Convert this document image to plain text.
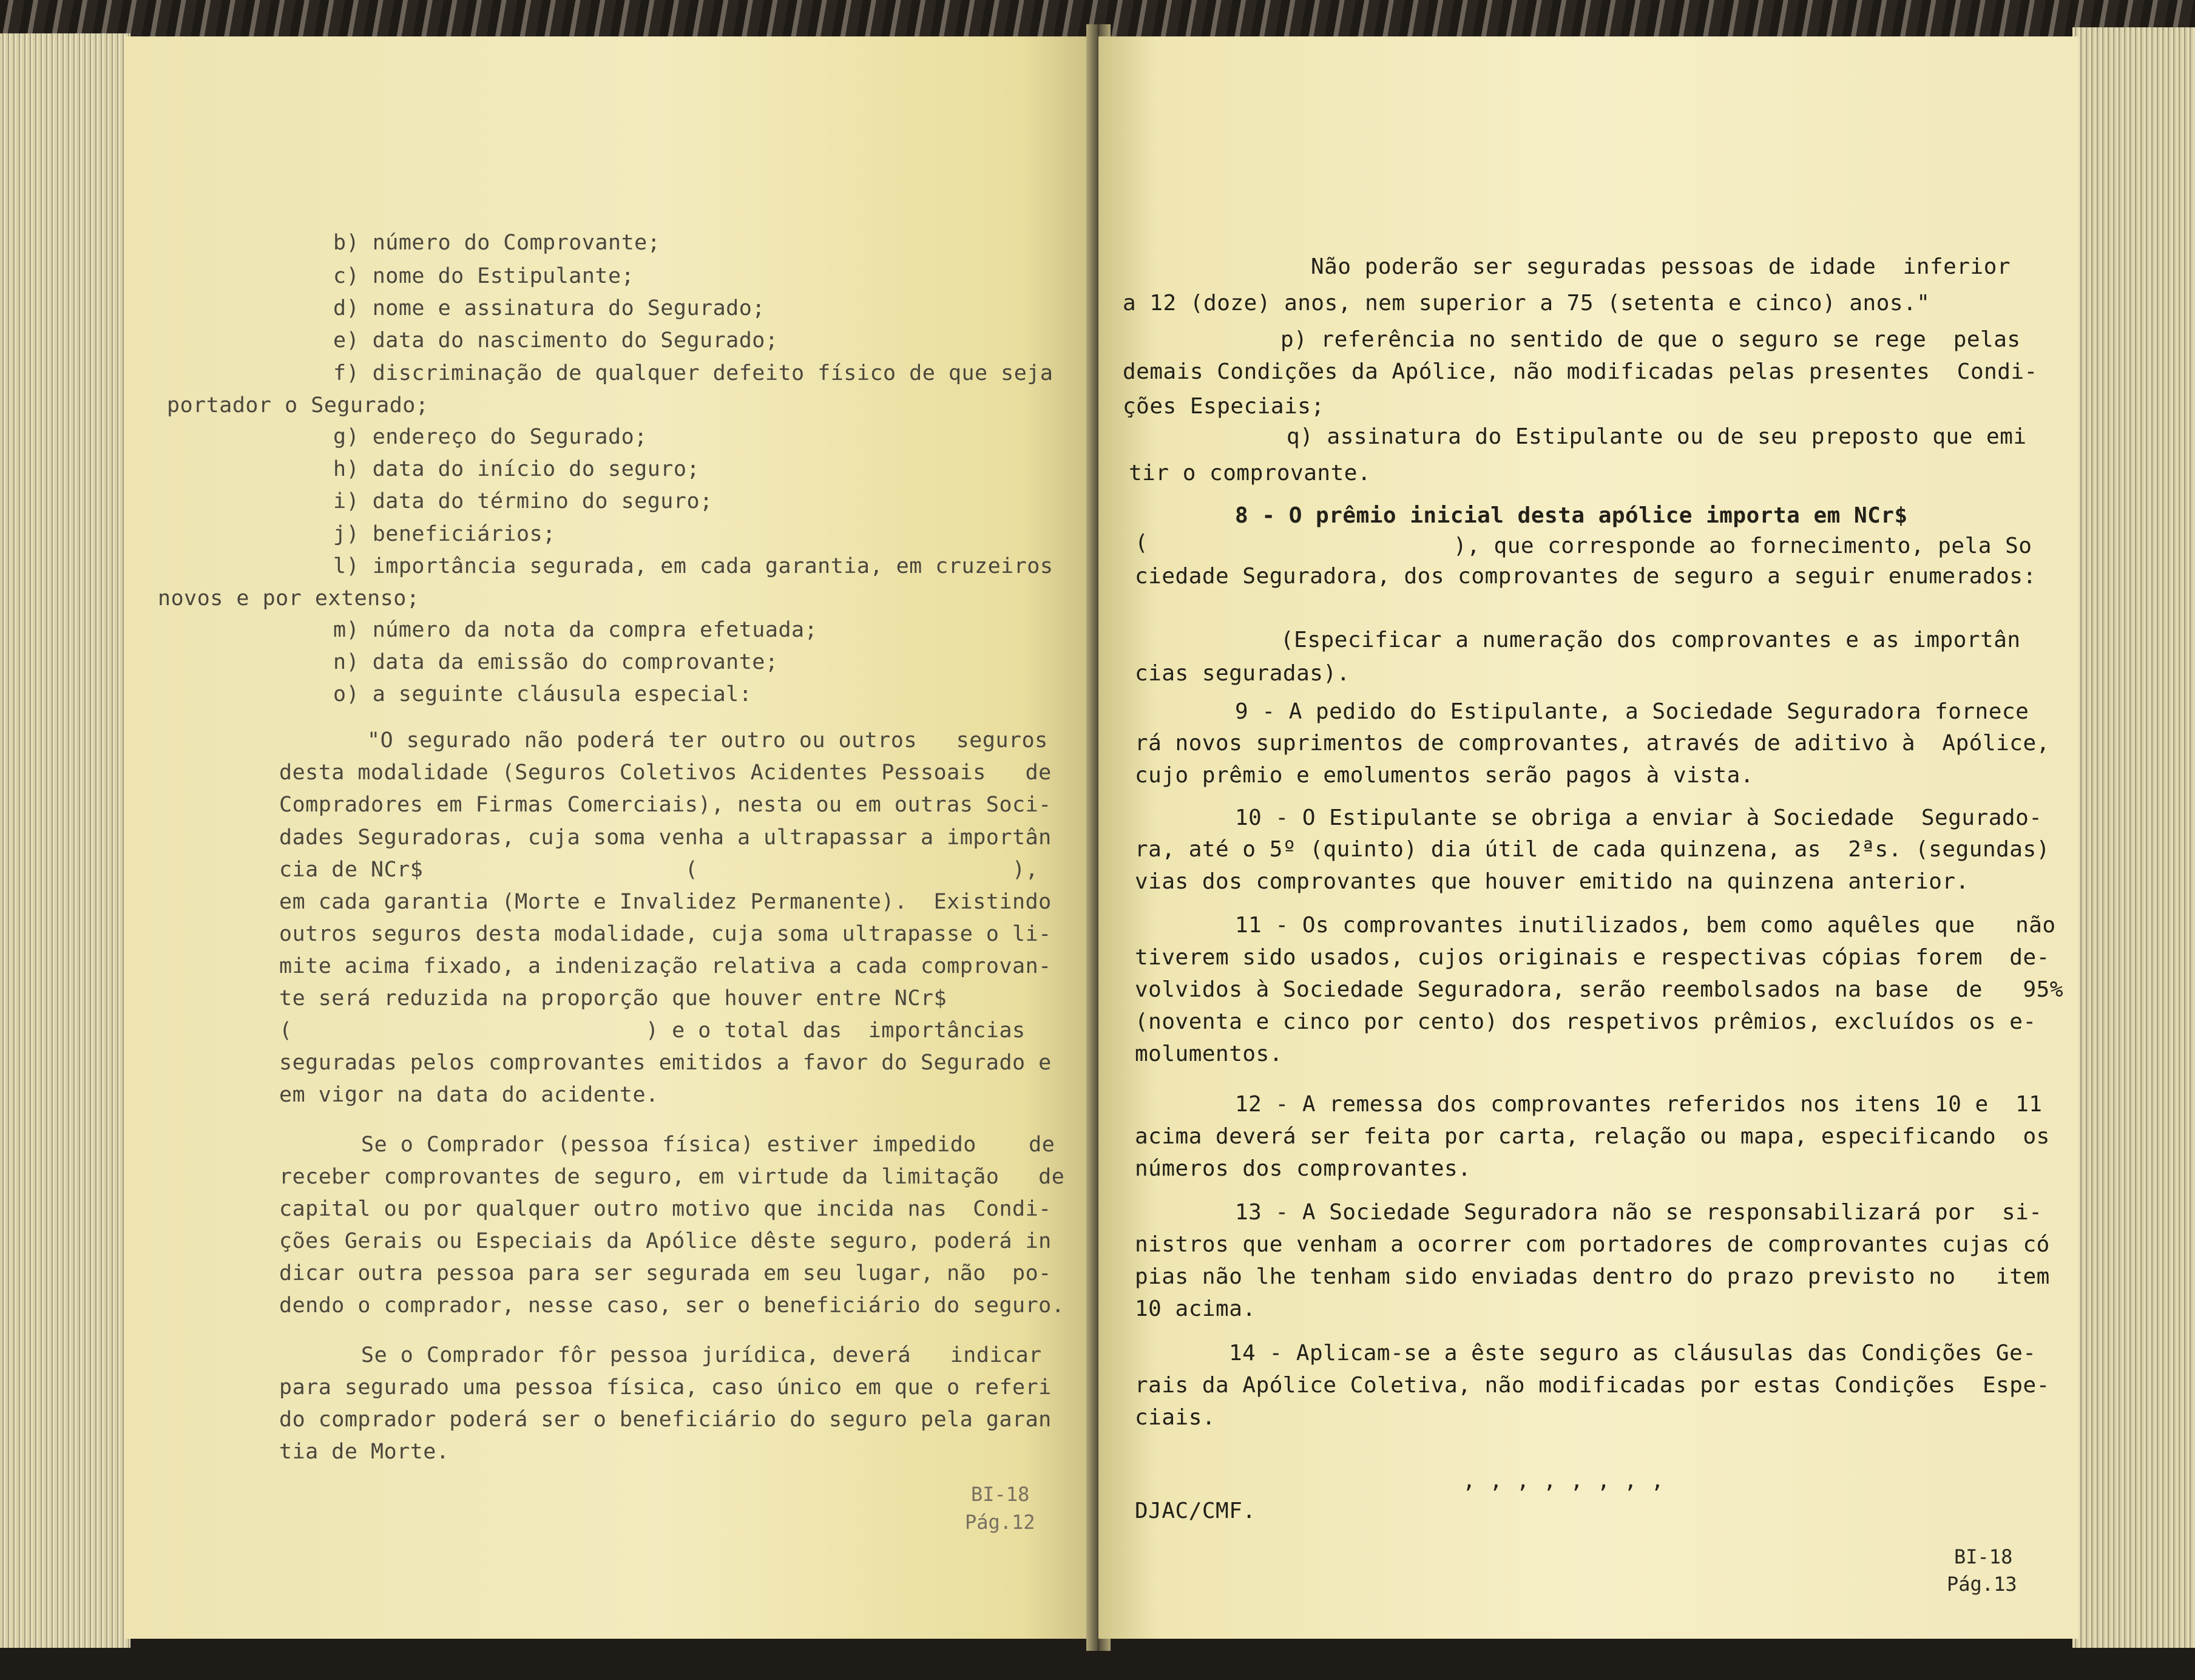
b) número do Comprovante;
c) nome do Estipulante;
d) nome e assinatura do Segurado;
e) data do nascimento do Segurado;
f) discriminação de qualquer defeito físico de que seja
portador o Segurado;
g) endereço do Segurado;
h) data do início do seguro;
i) data do término do seguro;
j) beneficiários;
l) importância segurada, em cada garantia, em cruzeiros
novos e por extenso;
m) número da nota da compra efetuada;
n) data da emissão do comprovante;
o) a seguinte cláusula especial:
"O segurado não poderá ter outro ou outros   seguros
desta modalidade (Seguros Coletivos Acidentes Pessoais   de
Compradores em Firmas Comerciais), nesta ou em outras Soci-
dades Seguradoras, cuja soma venha a ultrapassar a importân
cia de NCr$                    (                        ),
em cada garantia (Morte e Invalidez Permanente).  Existindo
outros seguros desta modalidade, cuja soma ultrapasse o li-
mite acima fixado, a indenização relativa a cada comprovan-
te será reduzida na proporção que houver entre NCr$
(                           ) e o total das  importâncias
seguradas pelos comprovantes emitidos a favor do Segurado e
em vigor na data do acidente.
Se o Comprador (pessoa física) estiver impedido    de
receber comprovantes de seguro, em virtude da limitação   de
capital ou por qualquer outro motivo que incida nas  Condi-
ções Gerais ou Especiais da Apólice dêste seguro, poderá in
dicar outra pessoa para ser segurada em seu lugar, não  po-
dendo o comprador, nesse caso, ser o beneficiário do seguro.
Se o Comprador fôr pessoa jurídica, deverá   indicar
para segurado uma pessoa física, caso único em que o referi
do comprador poderá ser o beneficiário do seguro pela garan
tia de Morte.
BI-18
Pág.12
Não poderão ser seguradas pessoas de idade  inferior
a 12 (doze) anos, nem superior a 75 (setenta e cinco) anos."
p) referência no sentido de que o seguro se rege  pelas
demais Condições da Apólice, não modificadas pelas presentes  Condi-
ções Especiais;
q) assinatura do Estipulante ou de seu preposto que emi
tir o comprovante.
8 - O prêmio inicial desta apólice importa em NCr$
(	), que corresponde ao fornecimento, pela So
ciedade Seguradora, dos comprovantes de seguro a seguir enumerados:
(Especificar a numeração dos comprovantes e as importân
cias seguradas).
9 - A pedido do Estipulante, a Sociedade Seguradora fornece
rá novos suprimentos de comprovantes, através de aditivo à  Apólice,
cujo prêmio e emolumentos serão pagos à vista.
10 - O Estipulante se obriga a enviar à Sociedade  Segurado-
ra, até o 5º (quinto) dia útil de cada quinzena, as  2ªs. (segundas)
vias dos comprovantes que houver emitido na quinzena anterior.
11 - Os comprovantes inutilizados, bem como aquêles que   não
tiverem sido usados, cujos originais e respectivas cópias forem  de-
volvidos à Sociedade Seguradora, serão reembolsados na base  de   95%
(noventa e cinco por cento) dos respetivos prêmios, excluídos os e-
molumentos.
12 - A remessa dos comprovantes referidos nos itens 10 e  11
acima deverá ser feita por carta, relação ou mapa, especificando  os
números dos comprovantes.
13 - A Sociedade Seguradora não se responsabilizará por  si-
nistros que venham a ocorrer com portadores de comprovantes cujas có
pias não lhe tenham sido enviadas dentro do prazo previsto no   item
10 acima.
14 - Aplicam-se a êste seguro as cláusulas das Condições Ge-
rais da Apólice Coletiva, não modificadas por estas Condições  Espe-
ciais.
, , , , , , , ,
DJAC/CMF.
BI-18
Pág.13
